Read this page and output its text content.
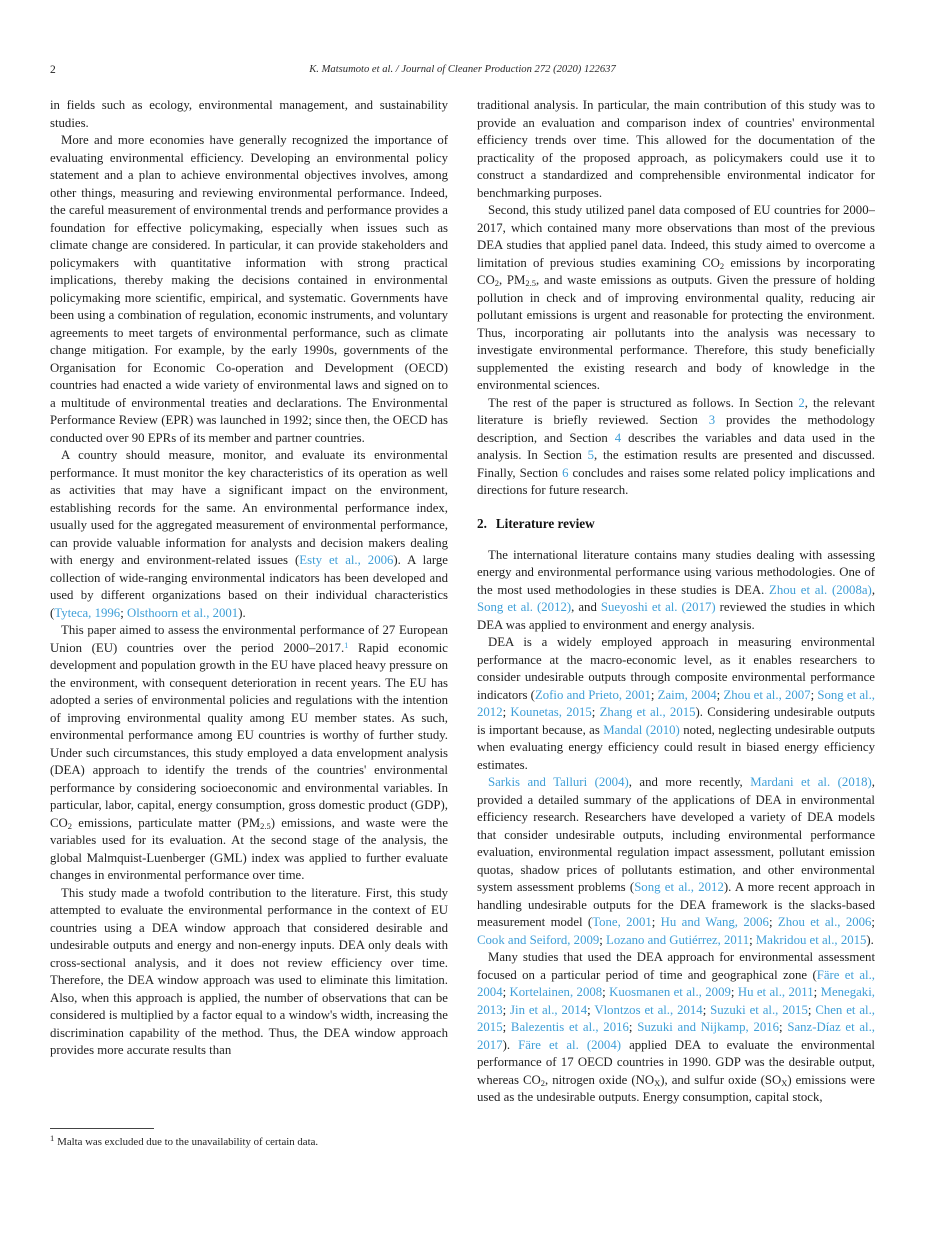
2	K. Matsumoto et al. / Journal of Cleaner Production 272 (2020) 122637

in fields such as ecology, environmental management, and sustainability studies.

More and more economies have generally recognized the importance of evaluating environmental efficiency. Developing an environmental policy statement and a plan to achieve environmental objectives involves, among other things, measuring and reviewing environmental performance. Indeed, the careful measurement of environmental trends and performance provides a foundation for effective policymaking, especially when issues such as climate change are considered. In particular, it can provide stakeholders and policymakers with quantitative information with strong practical implications, thereby making the decisions contained in environmental policymaking more scientific, empirical, and systematic. Governments have been using a combination of regulation, economic instruments, and voluntary agreements to meet targets of environmental performance, such as climate change mitigation. For example, by the early 1990s, governments of the Organisation for Economic Co-operation and Development (OECD) countries had enacted a wide variety of environmental laws and signed on to a multitude of environmental treaties and declarations. The Environmental Performance Review (EPR) was launched in 1992; since then, the OECD has conducted over 90 EPRs of its member and partner countries.

A country should measure, monitor, and evaluate its environmental performance. It must monitor the key characteristics of its operation as well as activities that may have a significant impact on the environment, establishing records for the same. An environmental performance index, usually used for the aggregated measurement of environmental performance, can provide valuable information for analysts and decision makers dealing with energy and environment-related issues (Esty et al., 2006). A large collection of wide-ranging environmental indicators has been developed and used by different organizations based on their individual characteristics (Tyteca, 1996; Olsthoorn et al., 2001).

This paper aimed to assess the environmental performance of 27 European Union (EU) countries over the period 2000–2017.$^1$ Rapid economic development and population growth in the EU have placed heavy pressure on the environment, with consequent deterioration in recent years. The EU has adopted a series of environmental policies and regulations with the intention of improving environmental quality among EU member states. As such, environmental performance among EU countries is worthy of further study. Under such circumstances, this study employed a data envelopment analysis (DEA) approach to identify the trends of the countries' environmental performance by considering socioeconomic and environmental variables. In particular, labor, capital, energy consumption, gross domestic product (GDP), $CO_2$ emissions, particulate matter $(PM_{2.5})$ emissions, and waste were the variables used for its evaluation. At the second stage of the analysis, the global Malmquist-Luenberger (GML) index was applied to further evaluate changes in environmental performance over time.

This study made a twofold contribution to the literature. First, this study attempted to evaluate the environmental performance in the context of EU countries using a DEA window approach that considered desirable and undesirable outputs and energy and non-energy inputs. DEA only deals with cross-sectional analysis, and it does not review efficiency over time. Therefore, the DEA window approach was used to eliminate this limitation. Also, when this approach is applied, the number of observations that can be considered is multiplied by a factor equal to a window's width, increasing the discrimination capability of the method. Thus, the DEA window approach provides more accurate results than

traditional analysis. In particular, the main contribution of this study was to provide an evaluation and comparison index of countries' environmental efficiency trends over time. This allowed for the documentation of the practicality of the proposed approach, as policymakers could use it to construct a standardized and comprehensible environmental indicator for benchmarking purposes.

Second, this study utilized panel data composed of EU countries for 2000–2017, which contained many more observations than most of the previous DEA studies that applied panel data. Indeed, this study aimed to overcome a limitation of previous studies examining $CO_2$ emissions by incorporating $CO_2$, $PM_{2.5}$, and waste emissions as outputs. Given the pressure of holding pollution in check and of improving environmental quality, reducing air pollutant emissions is urgent and reasonable for protecting the environment. Thus, incorporating air pollutants into the analysis was necessary to investigate environmental performance. Therefore, this study beneficially supplemented the existing research and body of knowledge in the environmental sciences.

The rest of the paper is structured as follows. In Section 2, the relevant literature is briefly reviewed. Section 3 provides the methodology description, and Section 4 describes the variables and data used in the analysis. In Section 5, the estimation results are presented and discussed. Finally, Section 6 concludes and raises some related policy implications and directions for future research.

2. Literature review

The international literature contains many studies dealing with assessing energy and environmental performance using various methodologies. One of the most used methodologies in these studies is DEA. Zhou et al. (2008a), Song et al. (2012), and Sueyoshi et al. (2017) reviewed the studies in which DEA was applied to environment and energy analysis.

DEA is a widely employed approach in measuring environmental performance at the macro-economic level, as it enables researchers to consider undesirable outputs through composite environmental performance indicators (Zofio and Prieto, 2001; Zaim, 2004; Zhou et al., 2007; Song et al., 2012; Kounetas, 2015; Zhang et al., 2015). Considering undesirable outputs is important because, as Mandal (2010) noted, neglecting undesirable outputs when evaluating energy efficiency could result in biased energy efficiency estimates.

Sarkis and Talluri (2004), and more recently, Mardani et al. (2018), provided a detailed summary of the applications of DEA in environmental efficiency research. Researchers have developed a variety of DEA models that consider undesirable outputs, including environmental performance evaluation, environmental regulation impact assessment, pollutant emission quotas, shadow prices of pollutants estimation, and other environmental system assessment problems (Song et al., 2012). A more recent approach in handling undesirable outputs for the DEA framework is the slacks-based measurement model (Tone, 2001; Hu and Wang, 2006; Zhou et al., 2006; Cook and Seiford, 2009; Lozano and Gutiérrez, 2011; Makridou et al., 2015).

Many studies that used the DEA approach for environmental assessment focused on a particular period of time and geographical zone (Färe et al., 2004; Kortelainen, 2008; Kuosmanen et al., 2009; Hu et al., 2011; Menegaki, 2013; Jin et al., 2014; Vlontzos et al., 2014; Suzuki et al., 2015; Chen et al., 2015; Balezentis et al., 2016; Suzuki and Nijkamp, 2016; Sanz-Díaz et al., 2017). Färe et al. (2004) applied DEA to evaluate the environmental performance of 17 OECD countries in 1990. GDP was the desirable output, whereas $CO_2$, nitrogen oxide $(NO_X)$, and sulfur oxide $(SO_X)$ emissions were used as the undesirable outputs. Energy consumption, capital stock,

$^1$ Malta was excluded due to the unavailability of certain data.
